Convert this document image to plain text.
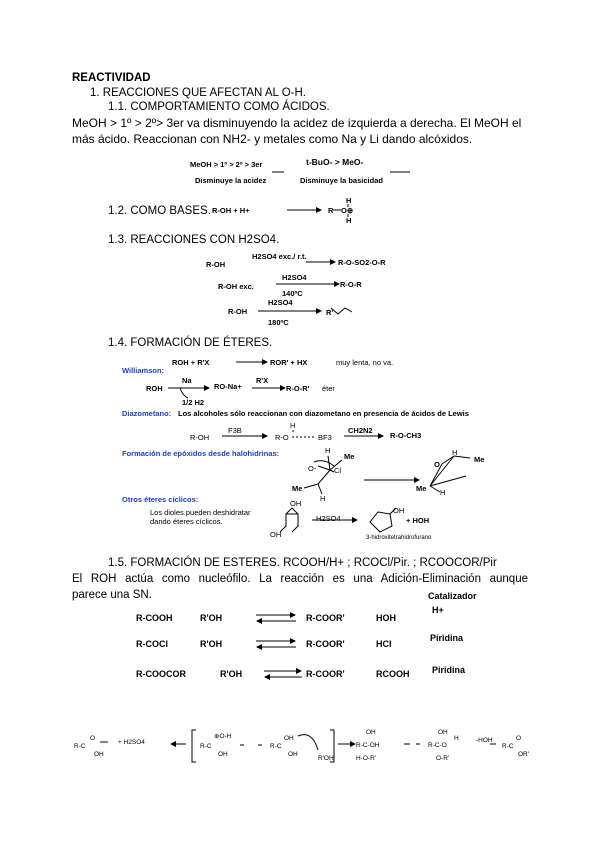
REACTIVIDAD
1. REACCIONES QUE AFECTAN AL O-H.
1.1. COMPORTAMIENTO COMO ÁCIDOS.
MeOH > 1º > 2º> 3er va disminuyendo la acidez de izquierda a derecha. El MeOH el
más ácido. Reaccionan con NH2- y metales como Na y Li dando alcóxidos.
MeOH > 1º > 2º > 3er
Disminuye la acidez
t-BuO- > MeO-
Disminuye la basicidad
1.2. COMO BASES. R-OH + H+	R
H
O⊕
H
1.3. REACCIONES CON H2SO4.
R-OH
H2SO4 exc./ r.t.
R-O-SO2-O-R
R-OH exc.
H2SO4
140ºC
R-O-R
R-OH
H2SO4
180ºC
R'
1.4. FORMACIÓN DE ÉTERES.
Williamson:
ROH + R'X	ROR' + HX	muy lenta, no va.
ROH
Na
1/2 H2
RO-Na+
R'X
R-O-R' éter
Diazometano: Los alcoholes sólo reaccionan con diazometano en presencia de ácidos de Lewis
R-OH
F3B
H
R-O	BF3
CH2N2
R-O-CH3
Formación de epóxidos desde halohidrinas:	H
Me
O- Cl
Me
H
H
O
Me
Me H
Otros éteres cíclicos:
Los dioles pueden deshidratar
dando éteres cíclicos.
OH
OH
H2SO4
OH
+ HOH
3-hidroxitetrahidrofurano
1.5. FORMACIÓN DE ESTERES. RCOOH/H+ ; RCOCl/Pir. ; RCOOCOR/Pir
El ROH actúa como nucleófilo. La reacción es una Adición-Eliminación aunque
parece una SN.	Catalizador
H+
R-COOH	R'OH	R-COOR'	HOH
R-COCl	R'OH	R-COOR'	HCl
Piridina
R-COOCOR	R'OH	R-COOR'	RCOOH	Piridina
R-C
O
OH
+ H2SO4
R-C
⊕O-H
OH
R-C
OH
OH
R'OH
OH
R-C-OH
H-O-R'
OH
H
R-C-O
O-R'
-HOH
R-C
O
OR'
